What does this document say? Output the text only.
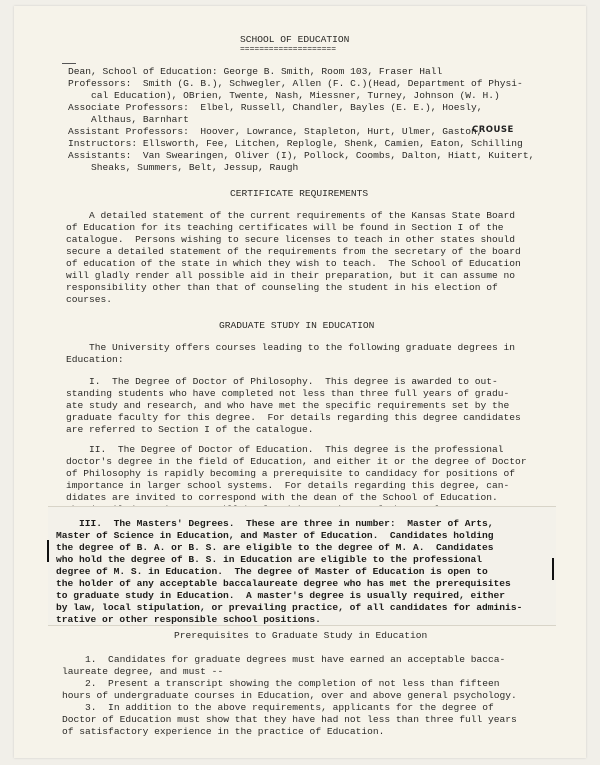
SCHOOL OF EDUCATION
====================
Dean, School of Education: George B. Smith, Room 103, Fraser Hall
Professors:  Smith (G. B.), Schwegler, Allen (F. C.)(Head, Department of Physi-
cal Education), OBrien, Twente, Nash, Miessner, Turney, Johnson (W. H.)
Associate Professors:  Elbel, Russell, Chandler, Bayles (E. E.), Hoesly,
Althaus, Barnhart
Assistant Professors:  Hoover, Lowrance, Stapleton, Hurt, Ulmer, Gaston,
CROUSE
Instructors: Ellsworth, Fee, Litchen, Replogle, Shenk, Camien, Eaton, Schilling
Assistants:  Van Swearingen, Oliver (I), Pollock, Coombs, Dalton, Hiatt, Kuitert,
Sheaks, Summers, Belt, Jessup, Raugh
CERTIFICATE REQUIREMENTS
A detailed statement of the current requirements of the Kansas State Board
of Education for its teaching certificates will be found in Section I of the
catalogue.  Persons wishing to secure licenses to teach in other states should
secure a detailed statement of the requirements from the secretary of the board
of education of the state in which they wish to teach.  The School of Education
will gladly render all possible aid in their preparation, but it can assume no
responsibility other than that of counseling the student in his election of
courses.
GRADUATE STUDY IN EDUCATION
The University offers courses leading to the following graduate degrees in
Education:
I.  The Degree of Doctor of Philosophy.  This degree is awarded to out-
standing students who have completed not less than three full years of gradu-
ate study and research, and who have met the specific requirements set by the
graduate faculty for this degree.  For details regarding this degree candidates
are referred to Section I of the catalogue.
II.  The Degree of Doctor of Education.  This degree is the professional
doctor's degree in the field of Education, and either it or the degree of Doctor
of Philosophy is rapidly becoming a prerequisite to candidacy for positions of
importance in larger school systems.  For details regarding this degree, can-
didates are invited to correspond with the dean of the School of Education.
III.  The Masters' Degrees.  These are three in number:  Master of Arts,
Master of Science in Education, and Master of Education.  Candidates holding
the degree of B. A. or B. S. are eligible to the degree of M. A.  Candidates
who hold the degree of B. S. in Education are eligible to the professional
degree of M. S. in Education.  The degree of Master of Education is open to
the holder of any acceptable baccalaureate degree who has met the prerequisites
to graduate study in Education.  A master's degree is usually required, either
by law, local stipulation, or prevailing practice, of all candidates for adminis-
trative or other responsible school positions.
Prerequisites to Graduate Study in Education
1.  Candidates for graduate degrees must have earned an acceptable bacca-
laureate degree, and must --
2.  Present a transcript showing the completion of not less than fifteen
hours of undergraduate courses in Education, over and above general psychology.
3.  In addition to the above requirements, applicants for the degree of
Doctor of Education must show that they have had not less than three full years
of satisfactory experience in the practice of Education.
